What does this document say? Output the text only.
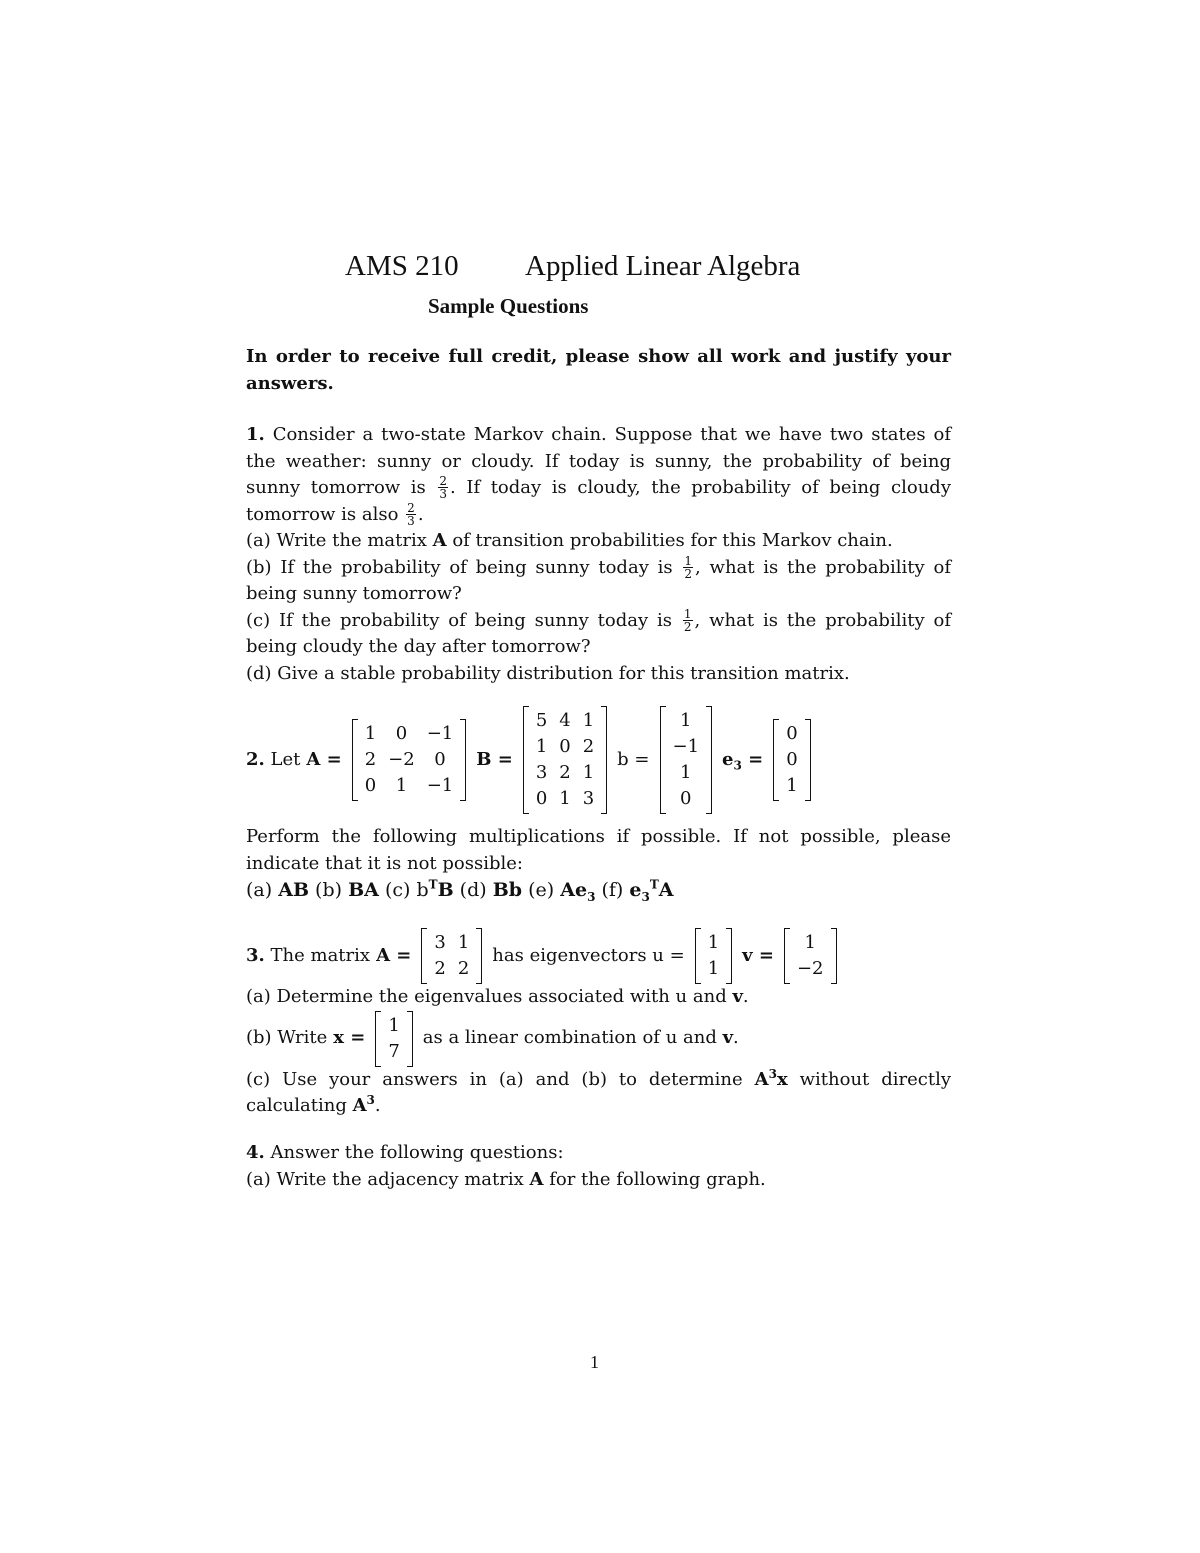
AMS 210 Applied Linear Algebra
Sample Questions
In order to receive full credit, please show all work and justify your answers.

1. Consider a two-state Markov chain. Suppose that we have two states of the weather: sunny or cloudy. If today is sunny, the probability of being sunny tomorrow is $\frac{2}{3}$ . If today is cloudy, the probability of being cloudy tomorrow is also $\frac{2}{3}$ .

(a) Write the matrix A of transition probabilities for this Markov chain.

(b) If the probability of being sunny today is $\frac{1}{2}$ , what is the probability of being sunny tomorrow?

(c) If the probability of being sunny today is $\frac{1}{2}$ , what is the probability of being cloudy the day after tomorrow?

(d) Give a stable probability distribution for this transition matrix.

2.
Let A =
1	0	−1
2	−2	0
0	1	−1
B =
5	4	1
1	0	2
3	2	1
0	1	3
b =
1
−1
1
0
$e_3$ =
0
0
1

Perform the following multiplications if possible. If not possible, please indicate that it is not possible:

(a) AB (b) BA (c) $b^TB$ (d) Bb (e) $Ae_3$ (f) $e_3^TA$

3.
The matrix A =
3	1
2	2
has eigenvectors u =
1
1
v =
1
−2

(a) Determine the eigenvalues associated with u and v.

(b) Write x =
1
7
as a linear combination of u and v.

(c) Use your answers in (a) and (b) to determine $A^3x$ without directly calculating $A^3$.

4. Answer the following questions:

(a) Write the adjacency matrix A for the following graph.

1
